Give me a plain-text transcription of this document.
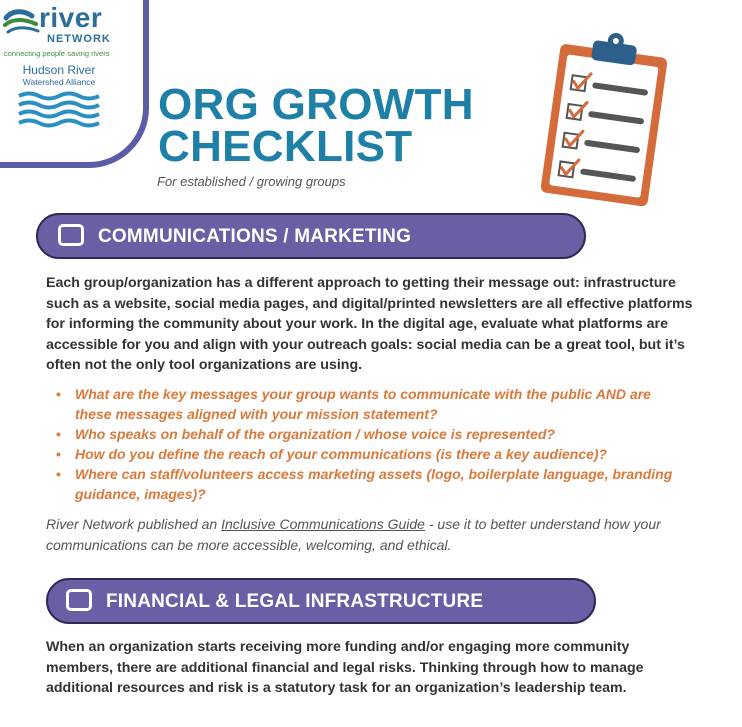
river
NETWORK
connecting people·saving rivers
Hudson River
Watershed Alliance	ORG GROWTH
CHECKLIST
For established / growing groups
COMMUNICATIONS / MARKETING

Each group/organization has a different approach to getting their message out: infrastructure such as a website, social media pages, and digital/printed newsletters are all effective platforms for informing the community about your work. In the digital age, evaluate what platforms are accessible for you and align with your outreach goals: social media can be a great tool, but it’s often not the only tool organizations are using.

• What are the key messages your group wants to communicate with the public AND are these messages aligned with your mission statement?
• Who speaks on behalf of the organization / whose voice is represented?
• How do you define the reach of your communications (is there a key audience)?
• Where can staff/volunteers access marketing assets (logo, boilerplate language, branding guidance, images)?

River Network published an Inclusive Communications Guide - use it to better understand how your communications can be more accessible, welcoming, and ethical.

FINANCIAL & LEGAL INFRASTRUCTURE

When an organization starts receiving more funding and/or engaging more community members, there are additional financial and legal risks. Thinking through how to manage additional resources and risk is a statutory task for an organization’s leadership team.
